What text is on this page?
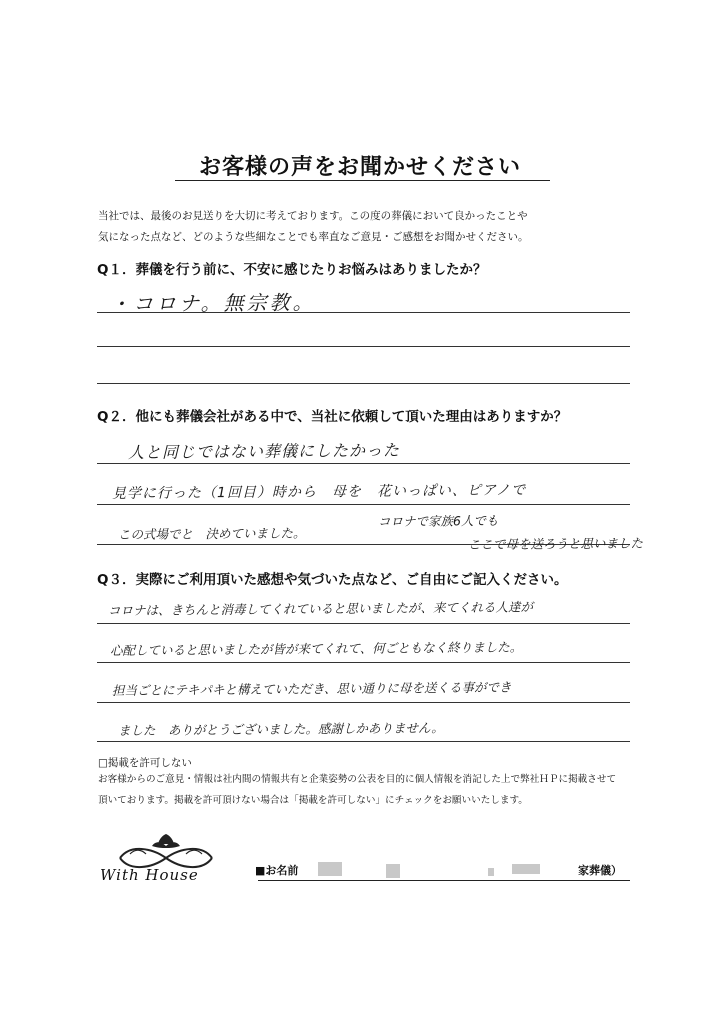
お客様の声をお聞かせください
当社では、最後のお見送りを大切に考えております。この度の葬儀において良かったことや
気になった点など、どのような些細なことでも率直なご意見・ご感想をお聞かせください。
Q１．葬儀を行う前に、不安に感じたりお悩みはありましたか？
・コロナ。無宗教。
Q２．他にも葬儀会社がある中で、当社に依頼して頂いた理由はありますか？
人と同じではない葬儀にしたかった
見学に行った（1回目）時から　母を　花いっぱい、ピアノで
この式場でと　決めていました。
コロナで家族6人でも
ここで母を送ろうと思いました
Q３．実際にご利用頂いた感想や気づいた点など、ご自由にご記入ください。
コロナは、きちんと消毒してくれていると思いましたが、来てくれる人達が
心配していると思いましたが皆が来てくれて、何ごともなく終りました。
担当ごとにテキパキと構えていただき、思い通りに母を送くる事ができ
ました　ありがとうございました。感謝しかありません。
□掲載を許可しない
お客様からのご意見・情報は社内間の情報共有と企業姿勢の公表を目的に個人情報を消記した上で弊社ＨＰに掲載させて
頂いております。掲載を許可頂けない場合は「掲載を許可しない」にチェックをお願いいたします。
With House	■お名前	家葬儀）
